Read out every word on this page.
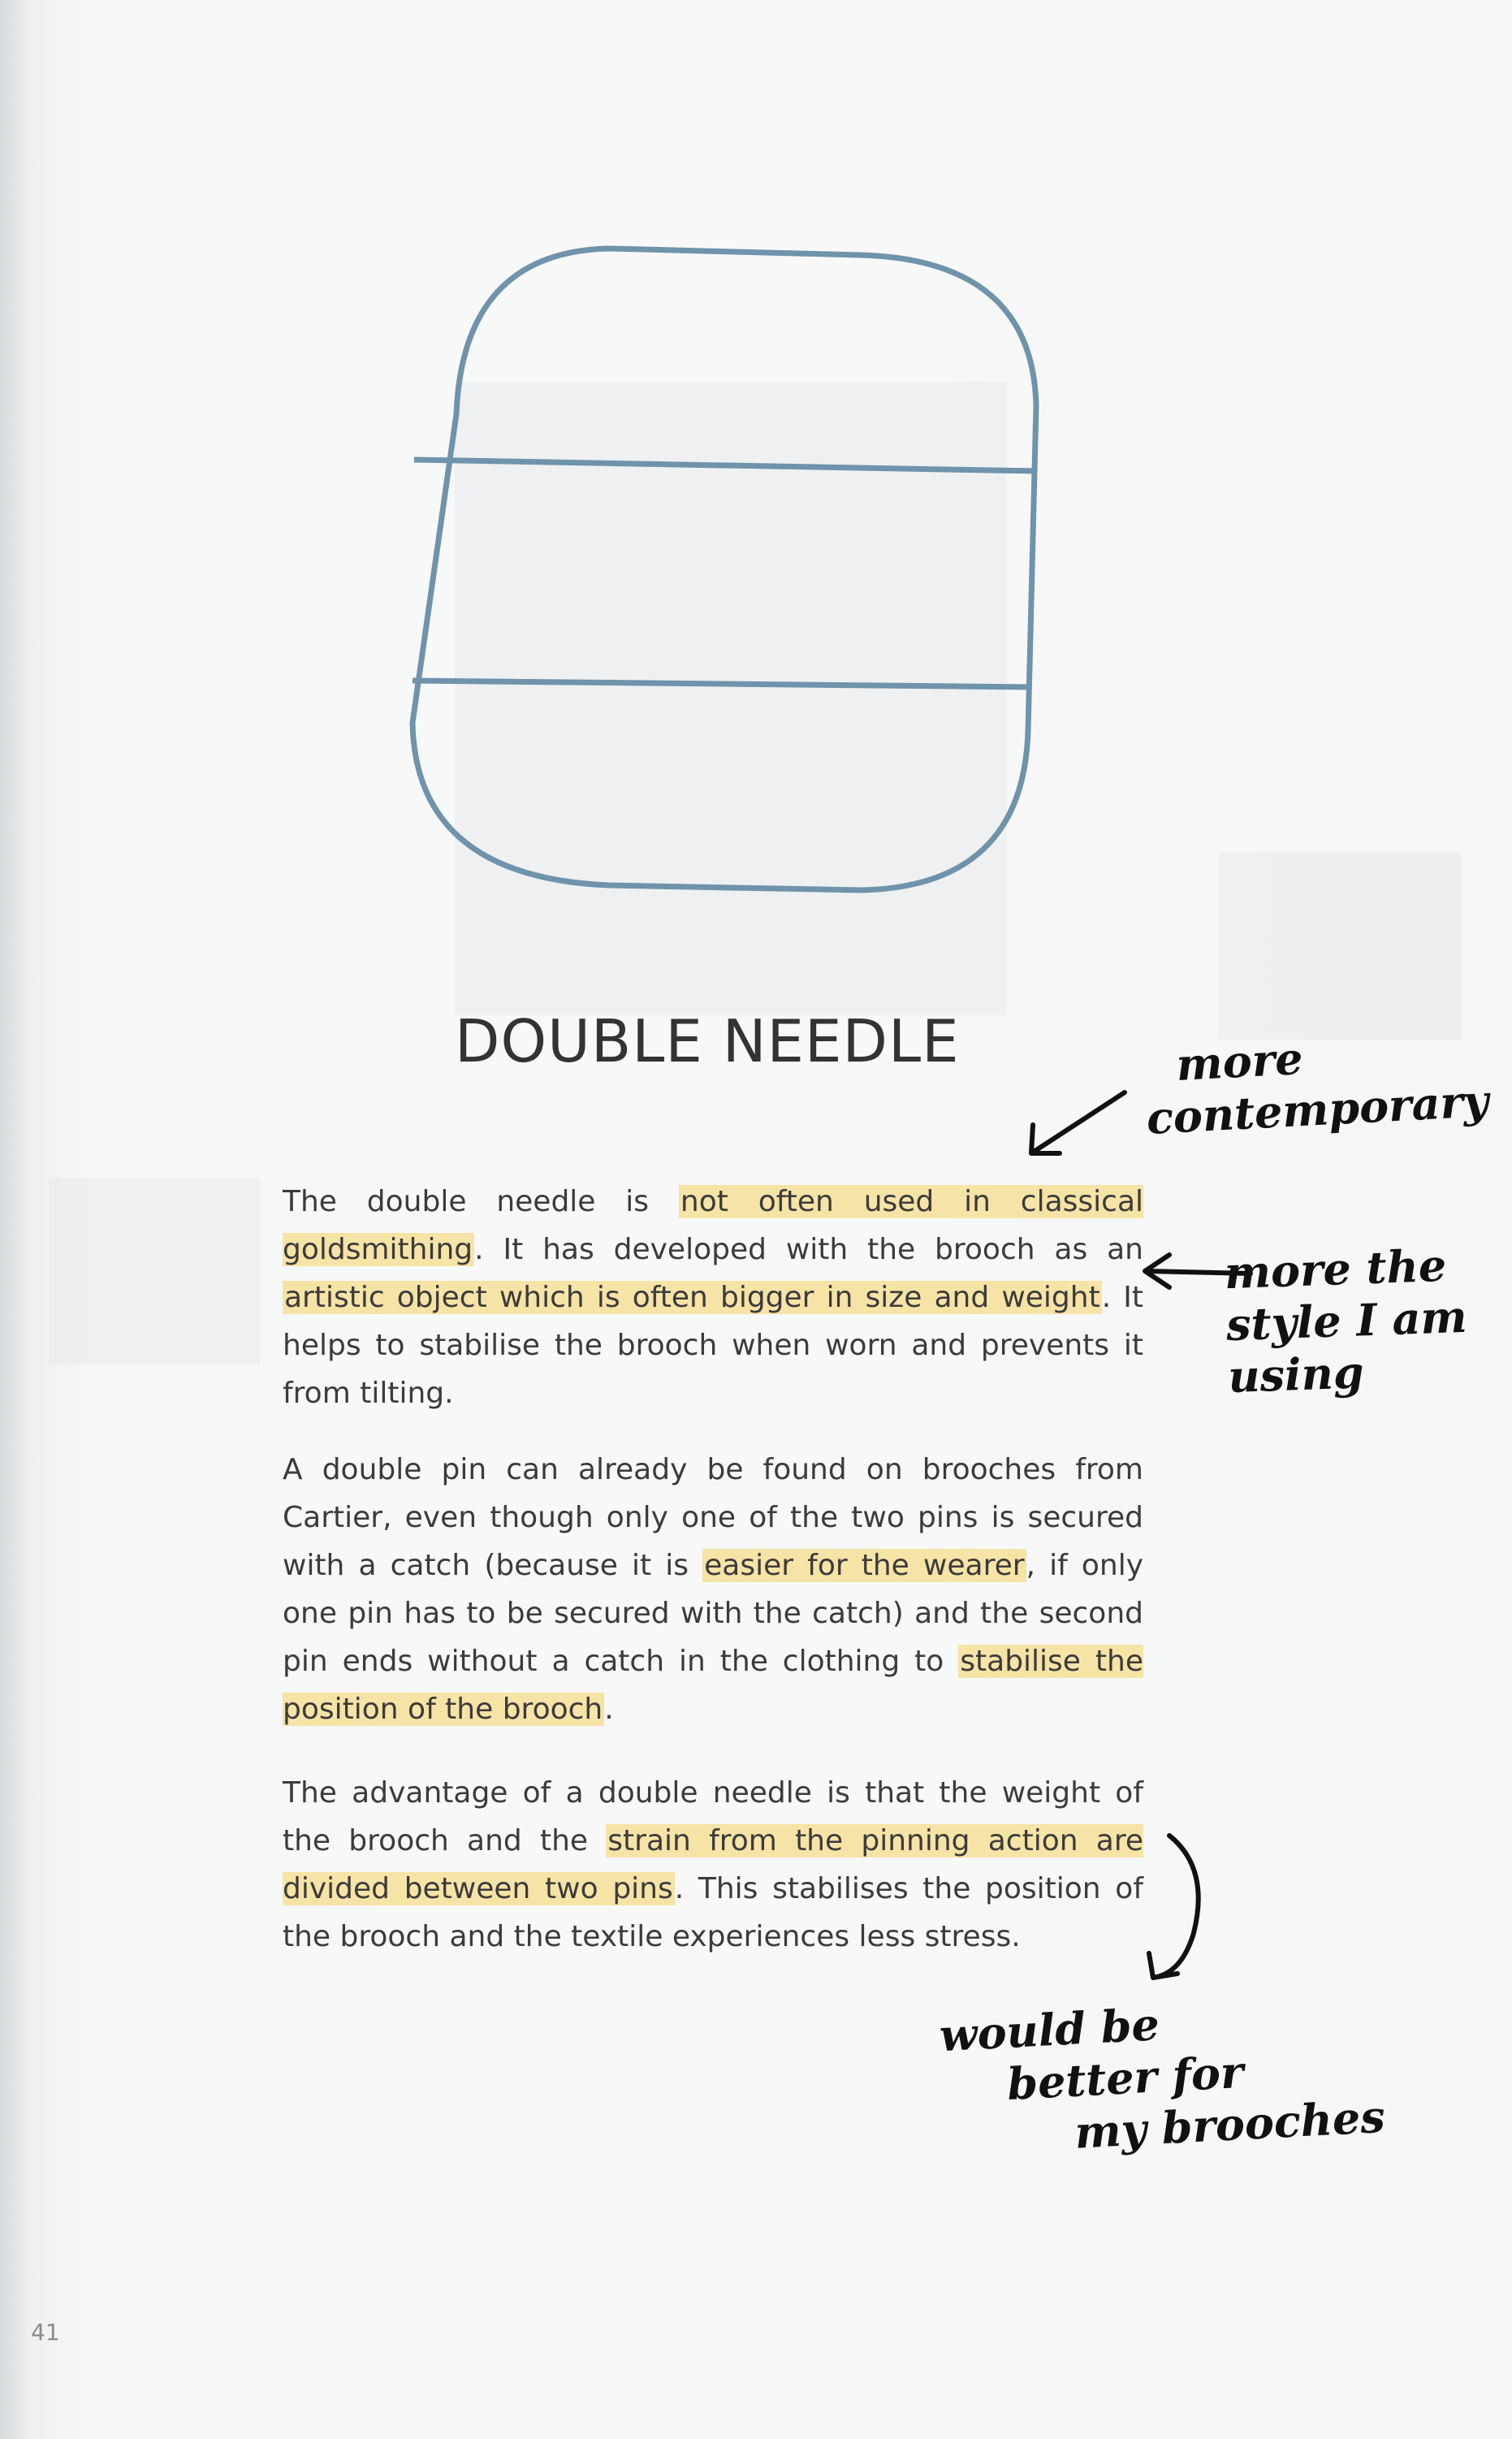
DOUBLE NEEDLE

The double needle is not often used in classical goldsmithing. It has developed with the brooch as an artistic object which is often bigger in size and weight. It helps to stabilise the brooch when worn and prevents it from tilting.

A double pin can already be found on brooches from Cartier, even though only one of the two pins is secured with a catch (because it is easier for the wearer, if only one pin has to be secured with the catch) and the second pin ends without a catch in the clothing to stabilise the position of the brooch.

The advantage of a double needle is that the weight of the brooch and the strain from the pinning action are divided between two pins. This stabilises the position of the brooch and the textile experiences less stress.

more
contemporary
more the
style I am
using
would be
better for
my brooches
41
